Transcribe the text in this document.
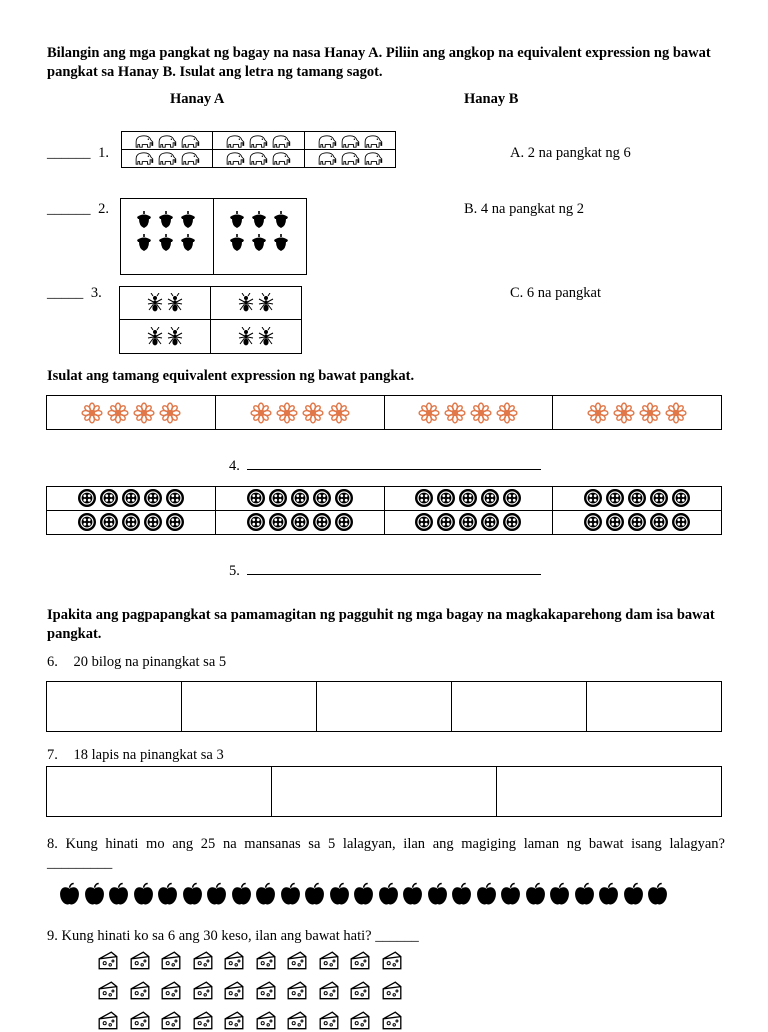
Bilangin ang mga pangkat ng bagay na nasa Hanay A. Piliin ang angkop na equivalent expression ng bawat pangkat sa Hanay B. Isulat ang letra ng tamang sagot.
Hanay A	Hanay B
______ 1.	A. 2 na pangkat ng 6
______ 2.	B. 4 na pangkat ng 2
_____ 3.	C. 6 na pangkat
Isulat ang tamang equivalent expression ng bawat pangkat.
4.
5.
Ipakita ang pagpapangkat sa pamamagitan ng pagguhit ng mga bagay na magkakaparehong dam isa bawat pangkat.
6. 20 bilog na pinangkat sa 5
7. 18 lapis na pinangkat sa 3
8. Kung hinati mo ang 25 na mansanas sa 5 lalagyan, ilan ang magiging laman ng bawat isang lalagyan?
_________
9. Kung hinati ko sa 6 ang 30 keso, ilan ang bawat hati? ______
